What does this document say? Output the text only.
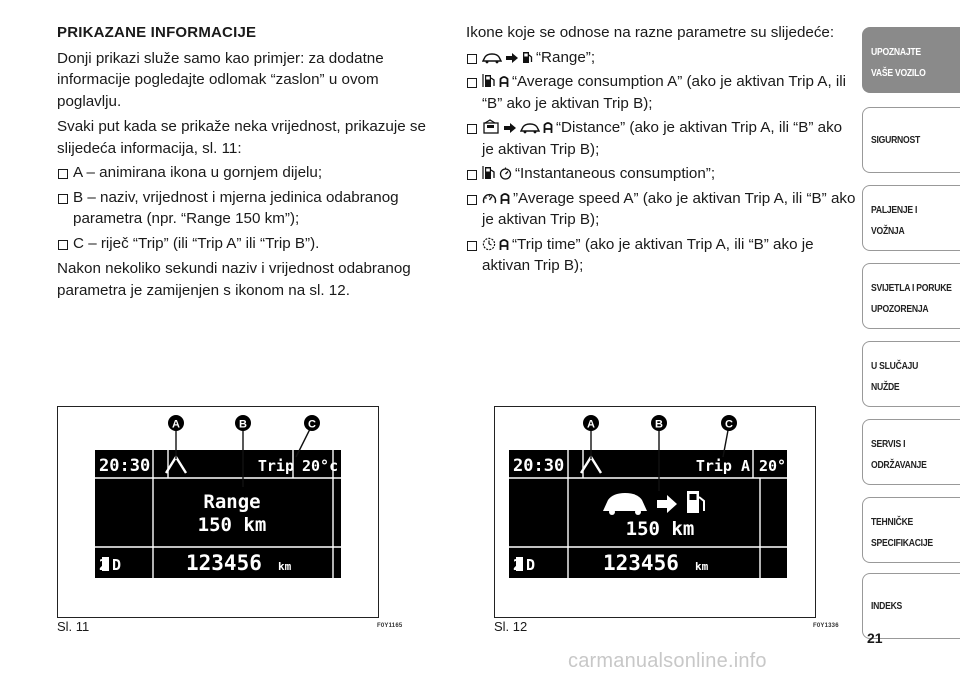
PRIKAZANE INFORMACIJE
Donji prikazi služe samo kao primjer: za dodatne informacije pogledajte odlomak “zaslon” u ovom poglavlju.
Svaki put kada se prikaže neka vrijednost, prikazuje se slijedeća informacija, sl. 11:
A – animirana ikona u gornjem dijelu;
B – naziv, vrijednost i mjerna jedinica odabranog parametra (npr. “Range 150 km”);
C – riječ “Trip” (ili “Trip A” ili “Trip B”).
Nakon nekoliko sekundi naziv i vrijednost odabranog parametra je zamijenjen s ikonom na sl. 12.
Ikone koje se odnose na razne parametre su slijedeće:
“Range”;
“Average consumption A” (ako je aktivan Trip A, ili “B” ako je aktivan Trip B);
“Distance” (ako je aktivan Trip A, ili “B” ako je aktivan Trip B);
“Instantaneous consumption”;
”Average speed A” (ako je aktivan Trip A, ili “B” ako je aktivan Trip B);
“Trip time” (ako je aktivan Trip A, ili “B” ako je aktivan Trip B);
20:30	Trip 20°c
Range
150 km
2 D	123456 km
A	B	C
Sl. 11	F0Y1165
20:30	Trip A 20°c
150 km
2 D	123456 km
A	B	C
Sl. 12	F0Y1336
UPOZNAJTE
VAŠE VOZILO
SIGURNOST
PALJENJE I
VOŽNJA
SVIJETLA I PORUKE
UPOZORENJA
U SLUČAJU
NUŽDE
SERVIS I
ODRŽAVANJE
TEHNIČKE
SPECIFIKACIJE
INDEKS
21
carmanualsonline.info
